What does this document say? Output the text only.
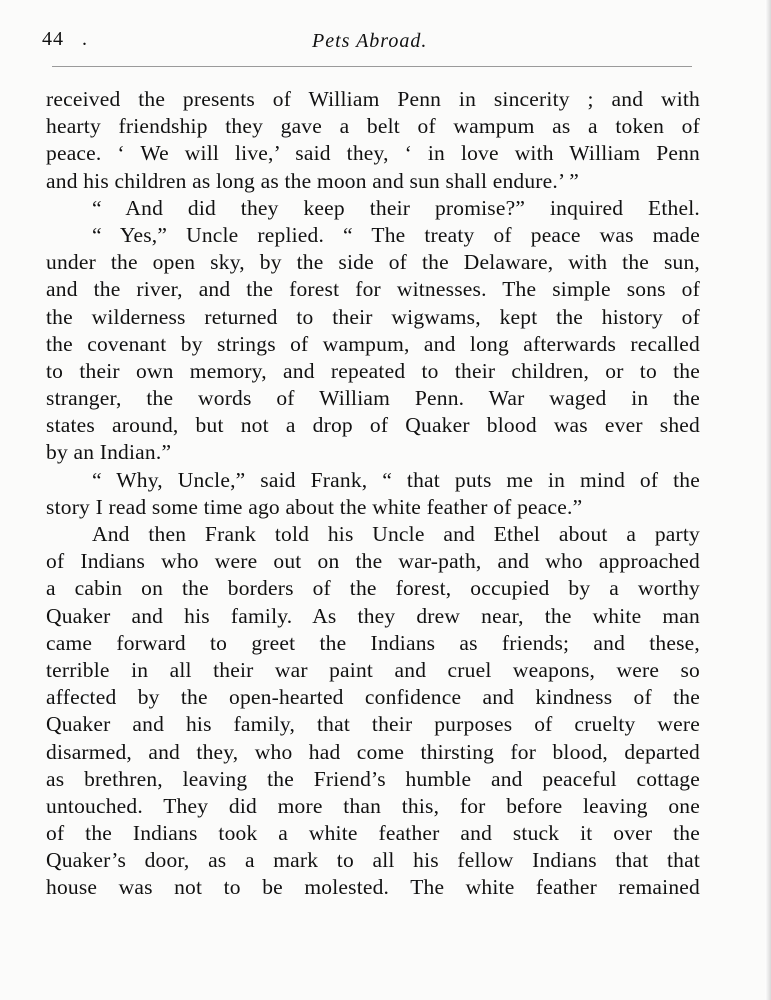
44 .	Pets Abroad.
received the presents of William Penn in sincerity ; and with
hearty friendship they gave a belt of wampum as a token of
peace. ‘ We will live,’ said they, ‘ in love with William Penn
and his children as long as the moon and sun shall endure.’ ”
“ And did they keep their promise?” inquired Ethel.
“ Yes,” Uncle replied. “ The treaty of peace was made
under the open sky, by the side of the Delaware, with the sun,
and the river, and the forest for witnesses. The simple sons of
the wilderness returned to their wigwams, kept the history of
the covenant by strings of wampum, and long afterwards recalled
to their own memory, and repeated to their children, or to the
stranger, the words of William Penn. War waged in the
states around, but not a drop of Quaker blood was ever shed
by an Indian.”
“ Why, Uncle,” said Frank, “ that puts me in mind of the
story I read some time ago about the white feather of peace.”
And then Frank told his Uncle and Ethel about a party
of Indians who were out on the war-path, and who approached
a cabin on the borders of the forest, occupied by a worthy
Quaker and his family. As they drew near, the white man
came forward to greet the Indians as friends; and these,
terrible in all their war paint and cruel weapons, were so
affected by the open-hearted confidence and kindness of the
Quaker and his family, that their purposes of cruelty were
disarmed, and they, who had come thirsting for blood, departed
as brethren, leaving the Friend’s humble and peaceful cottage
untouched. They did more than this, for before leaving one
of the Indians took a white feather and stuck it over the
Quaker’s door, as a mark to all his fellow Indians that that
house was not to be molested. The white feather remained
